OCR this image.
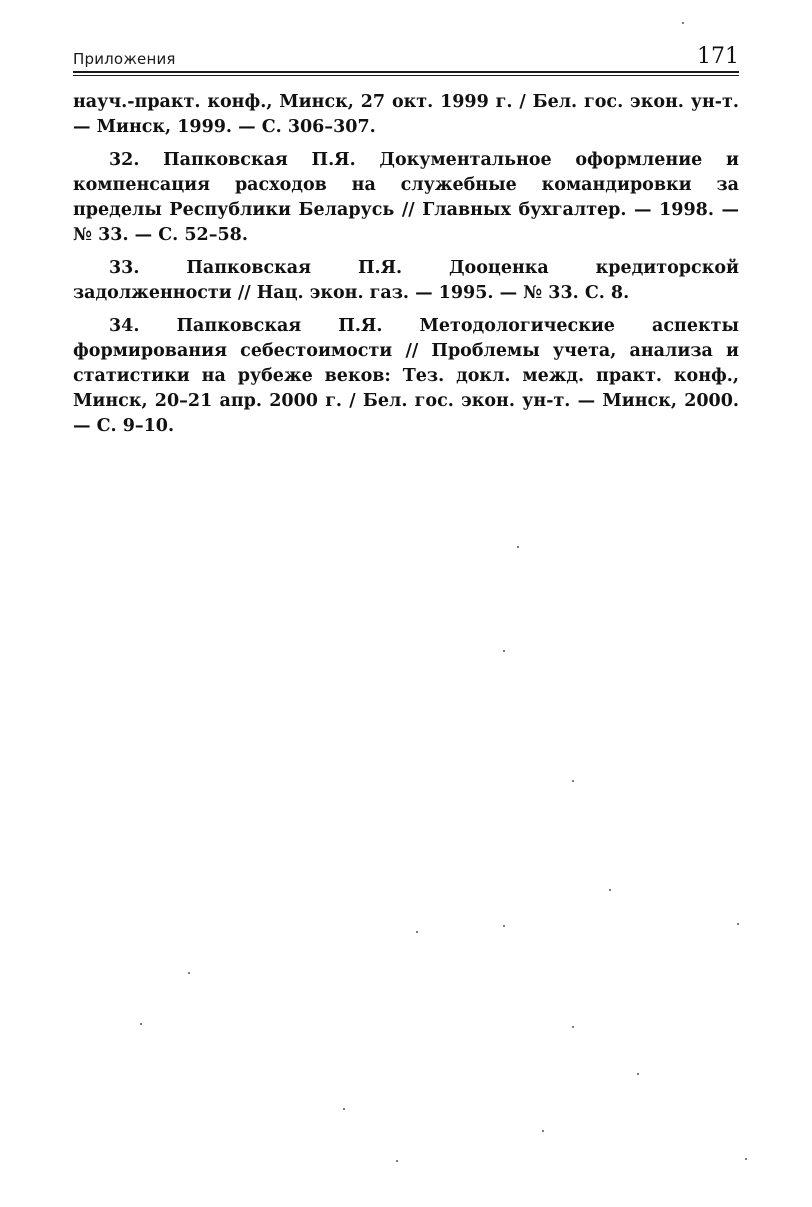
Приложения	171

науч.-практ. конф., Минск, 27 окт. 1999 г. / Бел. гос. экон. ун-т. — Минск, 1999. — С. 306–307.

32. Папковская П.Я. Документальное оформление и компенсация расходов на служебные командировки за пределы Республики Беларусь // Главных бухгалтер. — 1998. — № 33. — С. 52–58.

33. Папковская П.Я. Дооценка кредиторской задолженности // Нац. экон. газ. — 1995. — № 33. С. 8.

34. Папковская П.Я. Методологические аспекты формирования себестоимости // Проблемы учета, анализа и статистики на рубеже веков: Тез. докл. межд. практ. конф., Минск, 20–21 апр. 2000 г. / Бел. гос. экон. ун-т. — Минск, 2000. — С. 9–10.
